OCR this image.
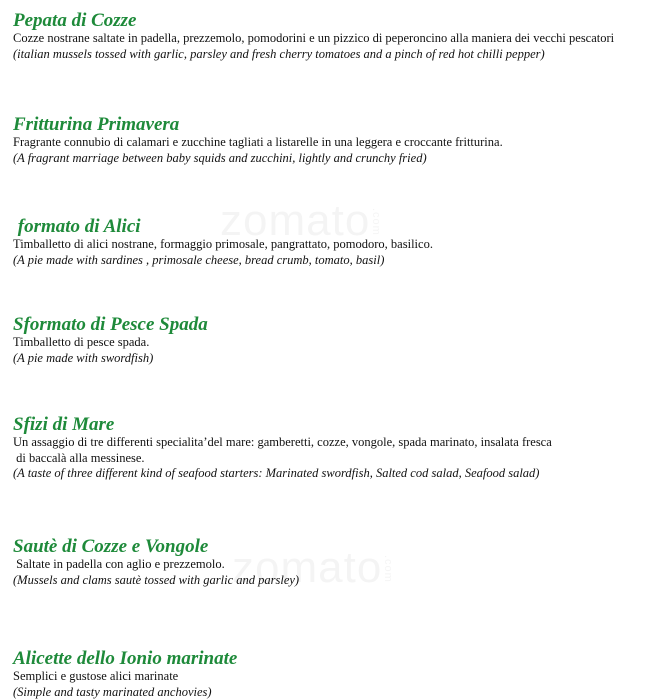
Pepata di Cozze
Cozze nostrane saltate in padella, prezzemolo, pomodorini e un pizzico di peperoncino alla maniera dei vecchi pescatori
(italian mussels tossed with garlic, parsley and fresh cherry tomatoes and a pinch of red hot chilli pepper)
Fritturina Primavera
Fragrante connubio di calamari e zucchine tagliati a listarelle in una leggera e croccante fritturina.
(A fragrant marriage between baby squids and zucchini, lightly and crunchy fried)
formato di Alici
Timballetto di alici nostrane, formaggio primosale, pangrattato, pomodoro, basilico.
(A pie made with sardines , primosale cheese, bread crumb, tomato, basil)
Sformato di Pesce Spada
Timballetto di pesce spada.
(A pie made with swordfish)
Sfizi di Mare
Un assaggio di tre differenti specialita’del mare: gamberetti, cozze, vongole, spada marinato, insalata fresca
di baccalà alla messinese.
(A taste of three different kind of seafood starters: Marinated swordfish, Salted cod salad, Seafood salad)
Sautè di Cozze e Vongole
Saltate in padella con aglio e prezzemolo.
(Mussels and clams sautè tossed with garlic and parsley)
Alicette dello Ionio marinate
Semplici e gustose alici marinate
(Simple and tasty marinated anchovies)
